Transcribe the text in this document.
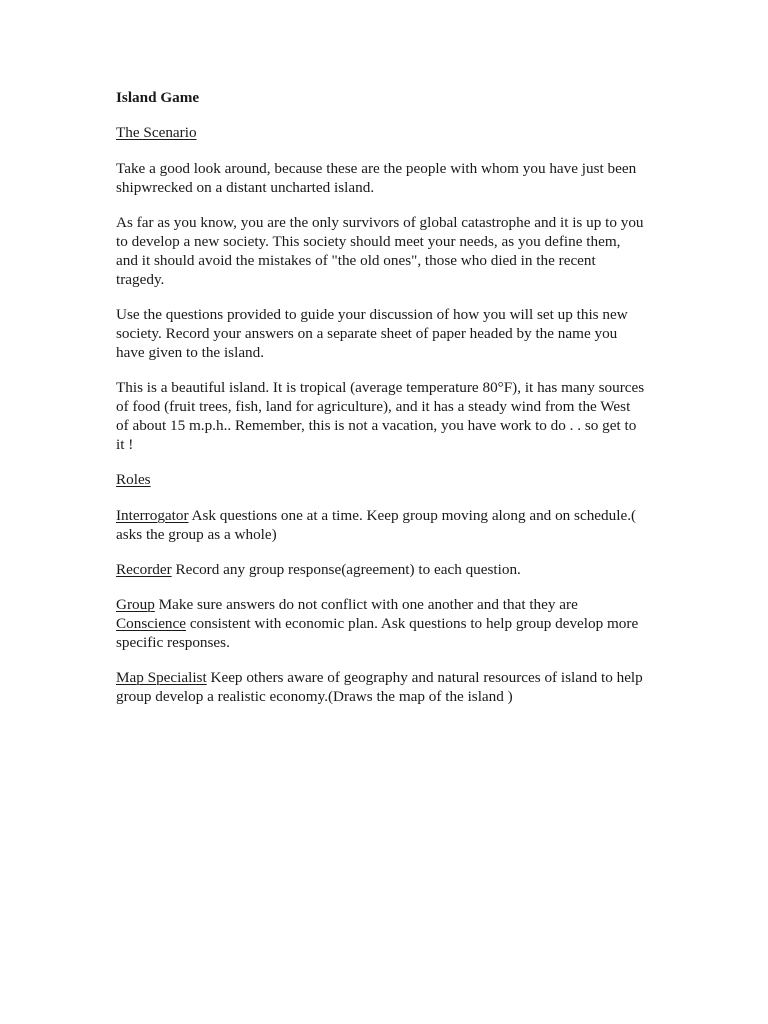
Island Game
The Scenario

Take a good look around, because these are the people with whom you have just been shipwrecked on a distant uncharted island.

As far as you know, you are the only survivors of global catastrophe and it is up to you to develop a new society. This society should meet your needs, as you define them, and it should avoid the mistakes of "the old ones", those who died in the recent tragedy.

Use the questions provided to guide your discussion of how you will set up this new society. Record your answers on a separate sheet of paper headed by the name you have given to the island.

This is a beautiful island. It is tropical (average temperature 80°F), it has many sources of food (fruit trees, fish, land for agriculture), and it has a steady wind from the West of about 15 m.p.h.. Remember, this is not a vacation, you have work to do . . so get to it !

Roles

Interrogator Ask questions one at a time. Keep group moving along and on schedule.( asks the group as a whole)

Recorder Record any group response(agreement) to each question.

Group Make sure answers do not conflict with one another and that they are Conscience consistent with economic plan. Ask questions to help group develop more specific responses.

Map Specialist Keep others aware of geography and natural resources of island to help group develop a realistic economy.(Draws the map of the island )
